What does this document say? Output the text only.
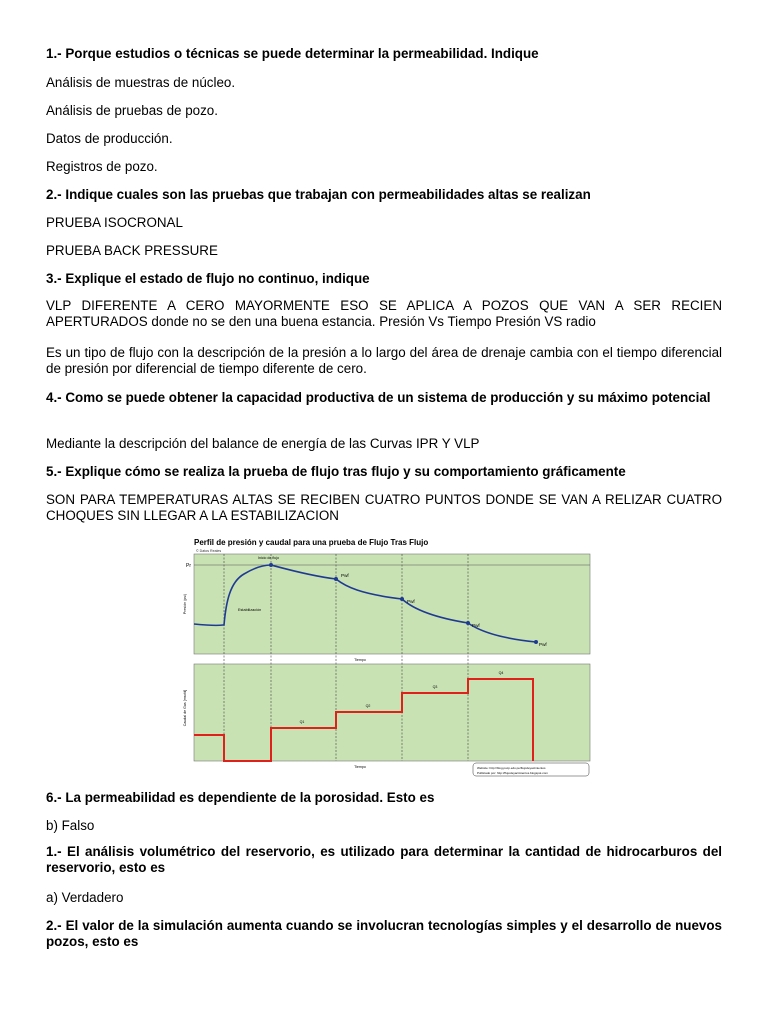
1.- Porque estudios o técnicas se puede determinar la permeabilidad. Indique
Análisis de muestras de núcleo.
Análisis de pruebas de pozo.
Datos de producción.
Registros de pozo.
2.- Indique cuales son las pruebas que trabajan con permeabilidades altas se realizan
PRUEBA ISOCRONAL
PRUEBA BACK PRESSURE
3.- Explique el estado de flujo no continuo, indique
VLP DIFERENTE A CERO MAYORMENTE ESO SE APLICA A POZOS QUE VAN A SER RECIEN APERTURADOS donde no se den una buena estancia. Presión Vs Tiempo Presión VS radio
Es un tipo de flujo con la descripción de la presión a lo largo del área de drenaje cambia con el tiempo diferencial de presión por diferencial de tiempo diferente de cero.
4.- Como se puede obtener la capacidad productiva de un sistema de producción y su máximo potencial
Mediante la descripción del balance de energía de las Curvas IPR Y VLP
5.- Explique cómo se realiza la prueba de flujo tras flujo y su comportamiento gráficamente
SON PARA TEMPERATURAS ALTAS SE RECIBEN CUATRO PUNTOS DONDE SE VAN A RELIZAR CUATRO CHOQUES SIN LLEGAR A LA ESTABILIZACION
6.- La permeabilidad es dependiente de la porosidad. Esto es
b) Falso
1.- El análisis volumétrico del reservorio, es utilizado para determinar la cantidad de hidrocarburos del reservorio, esto es
a) Verdadero
2.- El valor de la simulación aumenta cuando se involucran tecnologías simples y el desarrollo de nuevos pozos, esto es
Perfil de presión y caudal para una prueba de Flujo Tras Flujo
© Datos Reales
Pr
Presión (psi)
Tiempo
Caudal de Gas [mscfd]
Tiempo
Inicio de flujo
Estabilización
Pwf
Pwf
Pwf
Pwf
Q1
Q2
Q3
Q4
Website: http://blog.pucp.edu.pe/flujodeyacimientos
Publicado por: http://flujodeyacimientos.blogspot.com
